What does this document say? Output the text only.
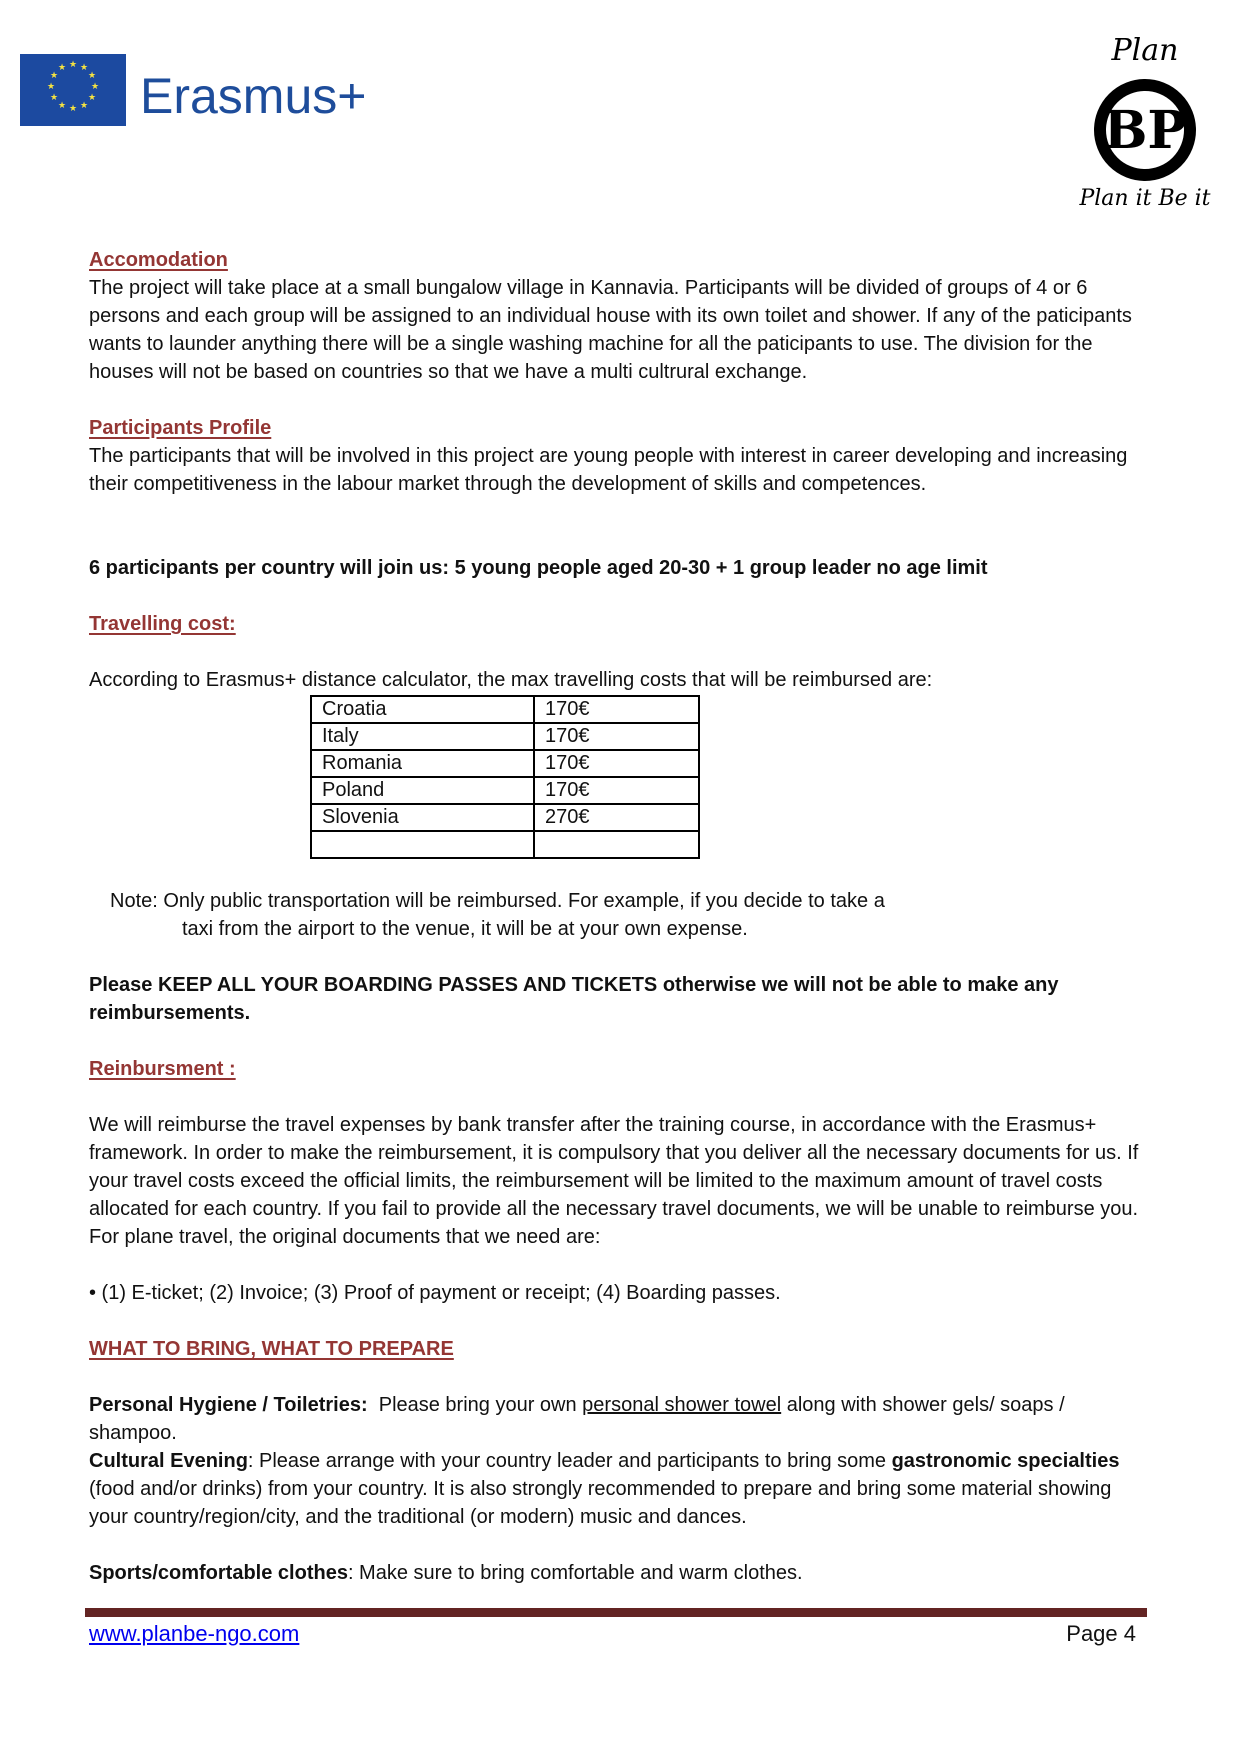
★ ★
★
★
★
★
★
★
★
★
★
★
Erasmus+
Plan
BP
Plan it Be it

Accomodation

The project will take place at a small bungalow village in Kannavia. Participants will be divided of groups of 4 or 6 persons and each group will be assigned to an individual house with its own toilet and shower. If any of the paticipants wants to launder anything there will be a single washing machine for all the paticipants to use. The division for the houses will not be based on countries so that we have a multi cultrural exchange.

Participants Profile

The participants that will be involved in this project are young people with interest in career developing and increasing their competitiveness in the labour market through the development of skills and competences.

6 participants per country will join us: 5 young people aged 20-30 + 1 group leader no age limit

Travelling cost:

According to Erasmus+ distance calculator, the max travelling costs that will be reimbursed are:

Croatia	170€
Italy	170€
Romania	170€
Poland	170€
Slovenia	270€

Note: Only public transportation will be reimbursed. For example, if you decide to take a

taxi from the airport to the venue, it will be at your own expense.

Please KEEP ALL YOUR BOARDING PASSES AND TICKETS otherwise we will not be able to make any reimbursements.

Reinbursment :

We will reimburse the travel expenses by bank transfer after the training course, in accordance with the Erasmus+ framework. In order to make the reimbursement, it is compulsory that you deliver all the necessary documents for us. If your travel costs exceed the official limits, the reimbursement will be limited to the maximum amount of travel costs allocated for each country. If you fail to provide all the necessary travel documents, we will be unable to reimburse you. For plane travel, the original documents that we need are:

• (1) E-ticket; (2) Invoice; (3) Proof of payment or receipt; (4) Boarding passes.

WHAT TO BRING, WHAT TO PREPARE

Personal Hygiene / Toiletries:  Please bring your own personal shower towel along with shower gels/ soaps / shampoo.

Cultural Evening: Please arrange with your country leader and participants to bring some gastronomic specialties (food and/or drinks) from your country. It is also strongly recommended to prepare and bring some material showing your country/region/city, and the traditional (or modern) music and dances.

Sports/comfortable clothes: Make sure to bring comfortable and warm clothes.

www.planbe-ngo.com	Page 4
